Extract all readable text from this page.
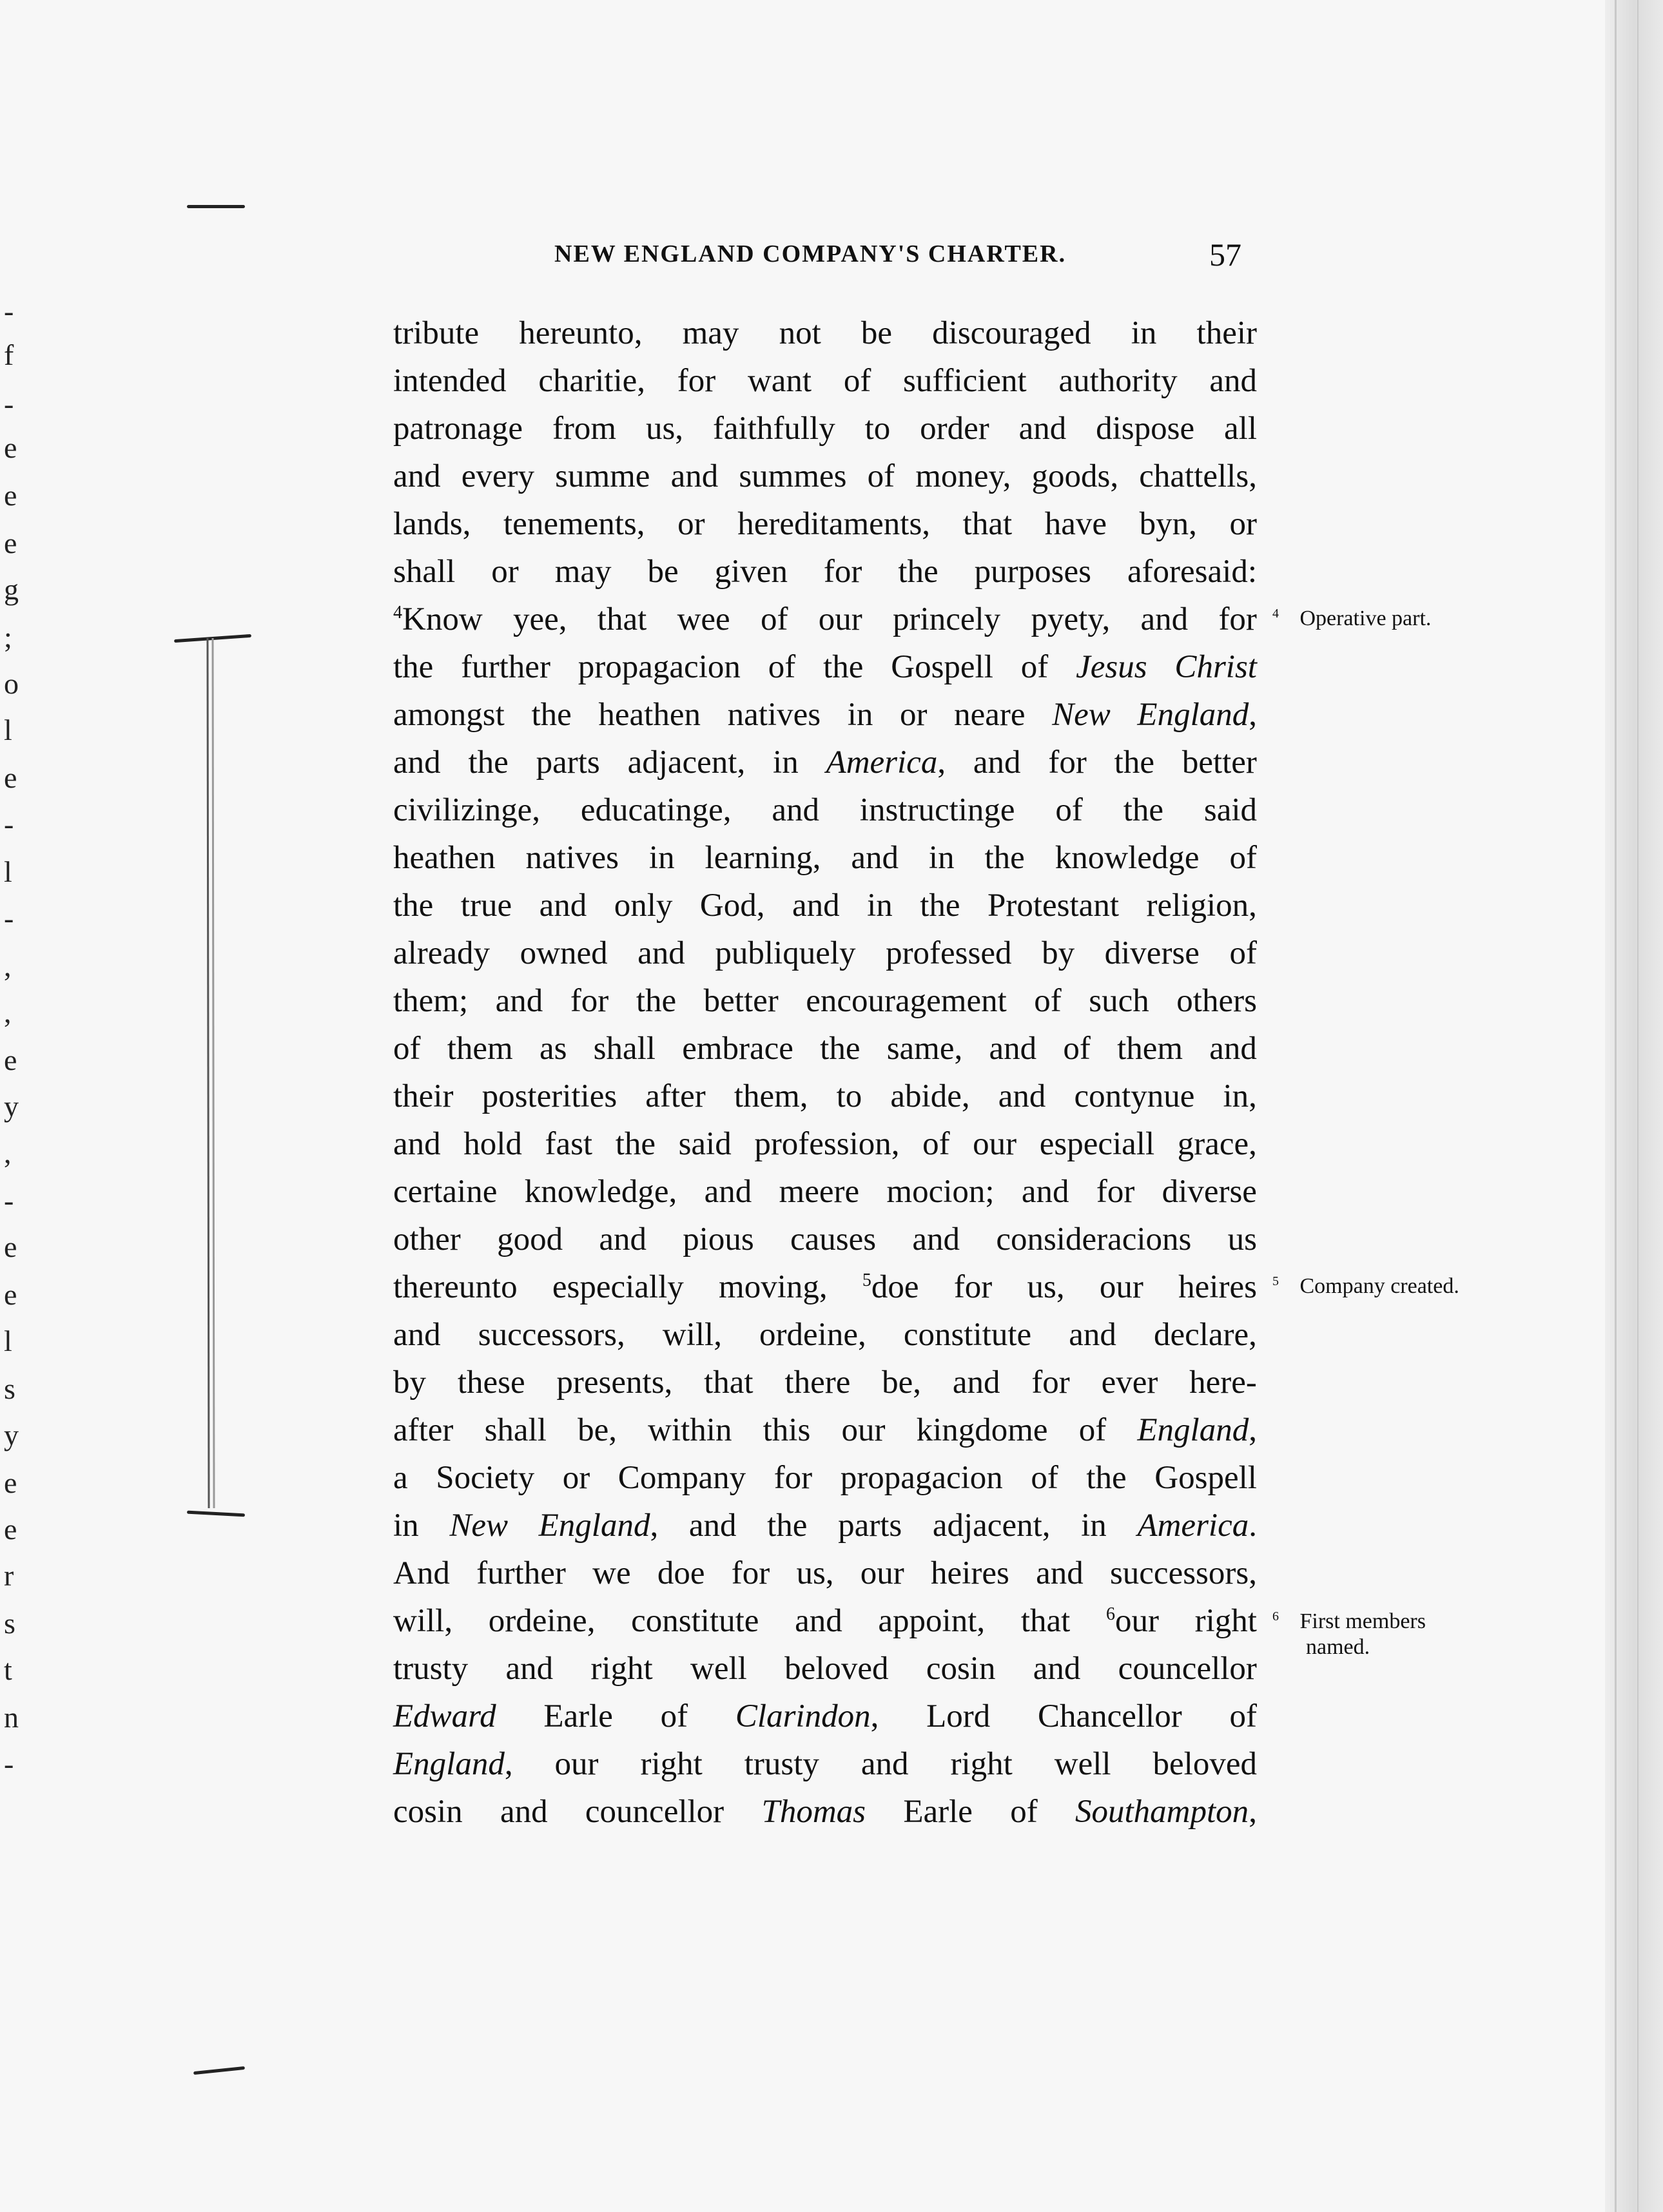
-
f
-
e
e
e
g
;
o
l
e
-
l
-
,
,
e
y
,
-
e
e
l
s
y
e
e
r
s
t
n
-
NEW ENGLAND COMPANY'S CHARTER.	57
tribute hereunto, may not be discouraged in their
intended charitie, for want of sufficient authority and
patronage from us, faithfully to order and dispose all
and every summe and summes of money, goods, chattells,
lands, tenements, or hereditaments, that have byn, or
shall or may be given for the purposes aforesaid:
$^4$Know yee, that wee of our princely pyety, and for
the further propagacion of the Gospell of Jesus Christ
amongst the heathen natives in or neare New England,
and the parts adjacent, in America, and for the better
civilizinge, educatinge, and instructinge of the said
heathen natives in learning, and in the knowledge of
the true and only God, and in the Protestant religion,
already owned and publiquely professed by diverse of
them; and for the better encouragement of such others
of them as shall embrace the same, and of them and
their posterities after them, to abide, and contynue in,
and hold fast the said profession, of our especiall grace,
certaine knowledge, and meere mocion; and for diverse
other good and pious causes and consideracions us
thereunto especially moving, $^5$doe for us, our heires
and successors, will, ordeine, constitute and declare,
by these presents, that there be, and for ever here-
after shall be, within this our kingdome of England,
a Society or Company for propagacion of the Gospell
in New England, and the parts adjacent, in America.
And further we doe for us, our heires and successors,
will, ordeine, constitute and appoint, that $^6$our right
trusty and right well beloved cosin and councellor
Edward Earle of Clarindon, Lord Chancellor of
England, our right trusty and right well beloved
cosin and councellor Thomas Earle of Southampton,
$^4$ Operative part.
$^5$ Company created.
$^6$ First members
named.
